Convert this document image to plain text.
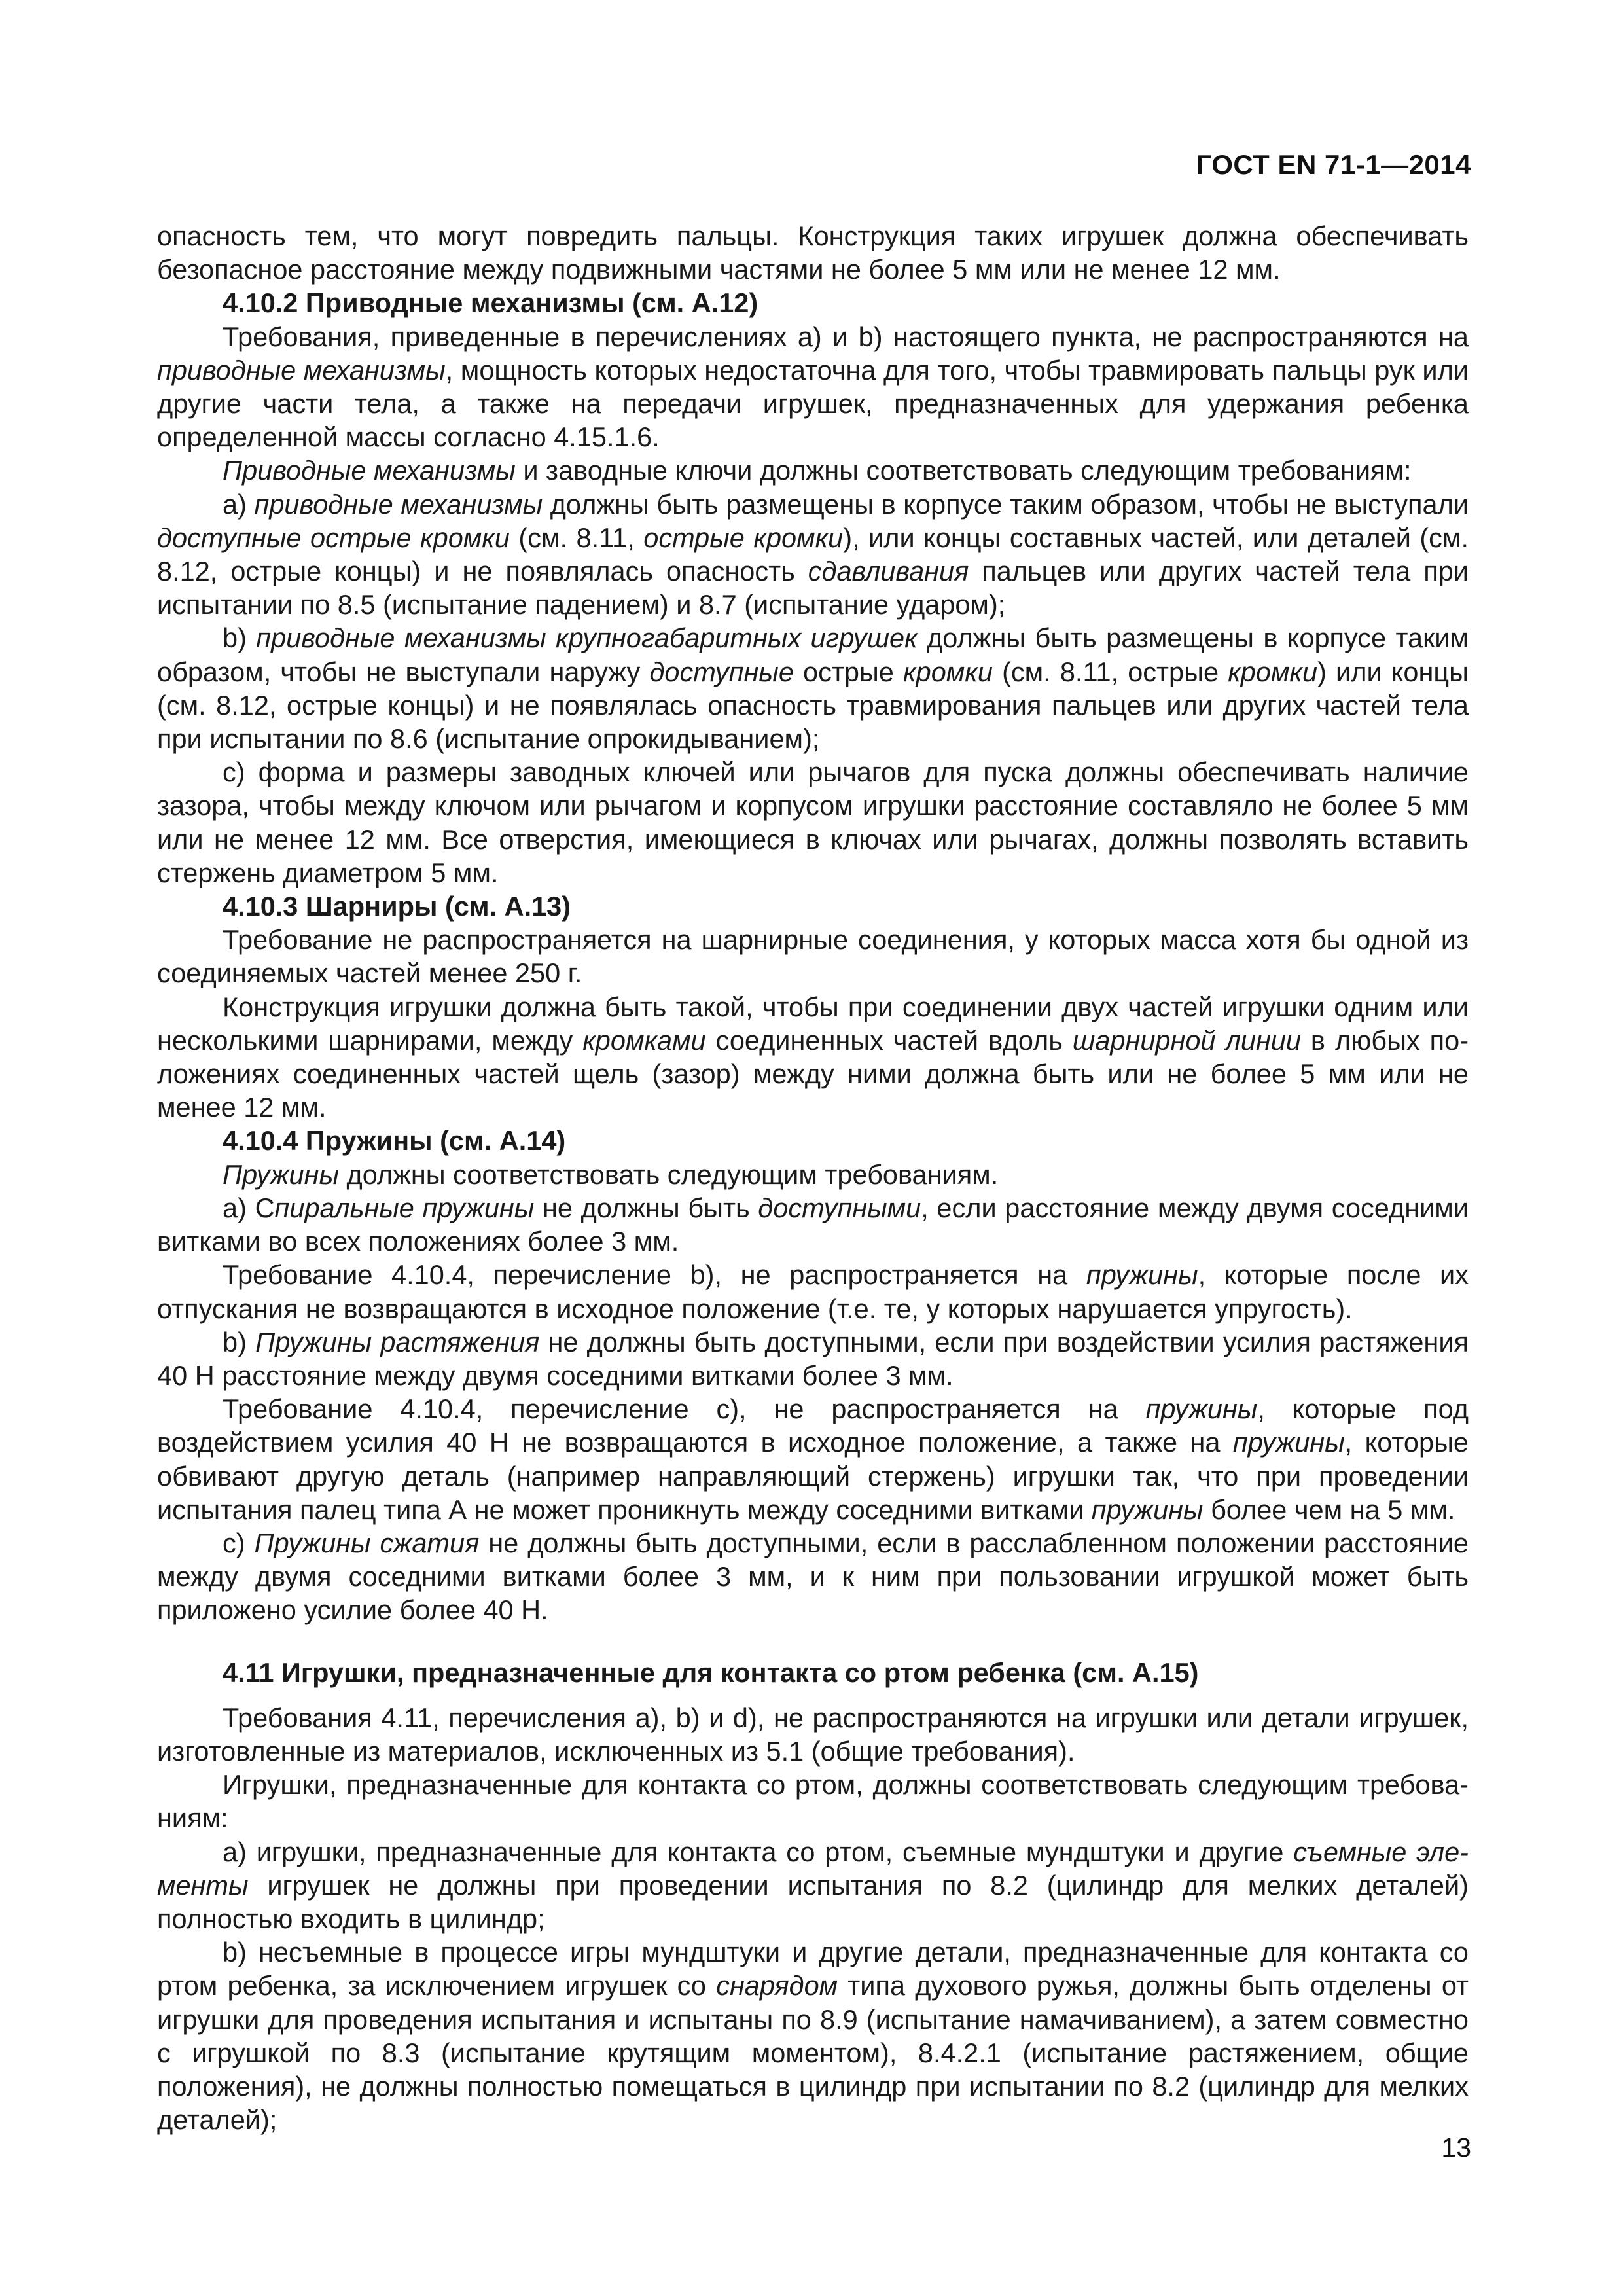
ГОСТ EN 71-1—2014

опасность тем, что могут повредить пальцы. Конструкция таких игрушек должна обеспечивать безопасное расстояние между подвижными частями не более 5 мм или не менее 12 мм.

4.10.2 Приводные механизмы (см. А.12)

Требования, приведенные в перечислениях a) и b) настоящего пункта, не распространяются на приводные механизмы, мощность которых недостаточна для того, чтобы травмировать пальцы рук или другие части тела, а также на передачи игрушек, предназначенных для удержания ребенка определенной массы согласно 4.15.1.6.

Приводные механизмы и заводные ключи должны соответствовать следующим требованиям:

a) приводные механизмы должны быть размещены в корпусе таким образом, чтобы не выступали доступные острые кромки (см. 8.11, острые кромки), или концы составных частей, или деталей (см. 8.12, острые концы) и не появлялась опасность сдавливания пальцев или других частей тела при испытании по 8.5 (испытание падением) и 8.7 (испытание ударом);

b) приводные механизмы крупногабаритных игрушек должны быть размещены в корпусе таким образом, чтобы не выступали наружу доступные острые кромки (см. 8.11, острые кромки) или концы (см. 8.12, острые концы) и не появлялась опасность травмирования пальцев или других частей тела при испытании по 8.6 (испытание опрокидыванием);

c) форма и размеры заводных ключей или рычагов для пуска должны обеспечивать наличие зазора, чтобы между ключом или рычагом и корпусом игрушки расстояние составляло не более 5 мм или не менее 12 мм. Все отверстия, имеющиеся в ключах или рычагах, должны позволять вставить стержень диаметром 5 мм.

4.10.3 Шарниры (см. А.13)

Требование не распространяется на шарнирные соединения, у которых масса хотя бы одной из соединяемых частей менее 250 г.

Конструкция игрушки должна быть такой, чтобы при соединении двух частей игрушки одним или несколькими шарнирами, между кромками соединенных частей вдоль шарнирной линии в любых положениях соединенных частей щель (зазор) между ними должна быть или не более 5 мм или не менее 12 мм.

4.10.4 Пружины (см. А.14)

Пружины должны соответствовать следующим требованиям.

a) Спиральные пружины не должны быть доступными, если расстояние между двумя соседними витками во всех положениях более 3 мм.

Требование 4.10.4, перечисление b), не распространяется на пружины, которые после их отпускания не возвращаются в исходное положение (т.е. те, у которых нарушается упругость).

b) Пружины растяжения не должны быть доступными, если при воздействии усилия растяжения 40 Н расстояние между двумя соседними витками более 3 мм.

Требование 4.10.4, перечисление c), не распространяется на пружины, которые под воздействием усилия 40 Н не возвращаются в исходное положение, а также на пружины, которые обвивают другую деталь (например направляющий стержень) игрушки так, что при проведении испытания палец типа А не может проникнуть между соседними витками пружины более чем на 5 мм.

c) Пружины сжатия не должны быть доступными, если в расслабленном положении расстояние между двумя соседними витками более 3 мм, и к ним при пользовании игрушкой может быть приложено усилие более 40 Н.

4.11 Игрушки, предназначенные для контакта со ртом ребенка (см. А.15)

Требования 4.11, перечисления a), b) и d), не распространяются на игрушки или детали игрушек, изготовленные из материалов, исключенных из 5.1 (общие требования).

Игрушки, предназначенные для контакта со ртом, должны соответствовать следующим требованиям:

a) игрушки, предназначенные для контакта со ртом, съемные мундштуки и другие съемные элементы игрушек не должны при проведении испытания по 8.2 (цилиндр для мелких деталей) полностью входить в цилиндр;

b) несъемные в процессе игры мундштуки и другие детали, предназначенные для контакта со ртом ребенка, за исключением игрушек со снарядом типа духового ружья, должны быть отделены от игрушки для проведения испытания и испытаны по 8.9 (испытание намачиванием), а затем совместно с игрушкой по 8.3 (испытание крутящим моментом), 8.4.2.1 (испытание растяжением, общие положения), не должны полностью помещаться в цилиндр при испытании по 8.2 (цилиндр для мелких деталей);

13
